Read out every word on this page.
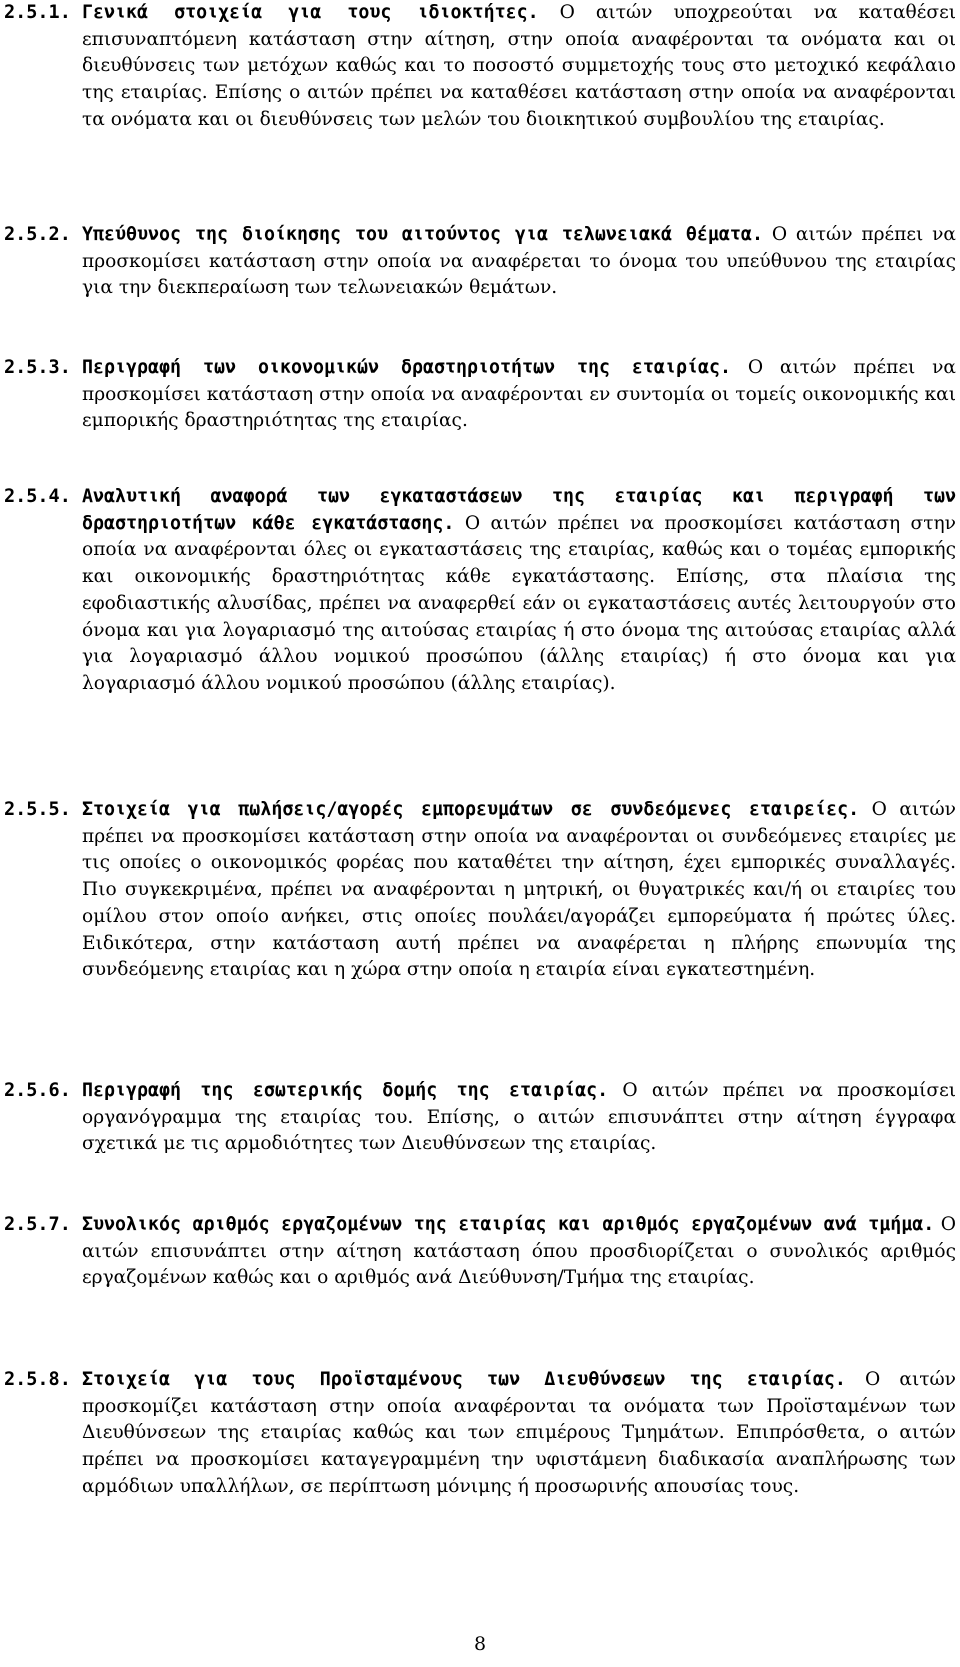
2.5.1. Γενικά στοιχεία για τους ιδιοκτήτες. Ο αιτών υποχρεούται να καταθέσει επισυναπτόμενη κατάσταση στην αίτηση, στην οποία αναφέρονται τα ονόματα και οι διευθύνσεις των μετόχων καθώς και το ποσοστό συμμετοχής τους στο μετοχικό κεφάλαιο της εταιρίας. Επίσης ο αιτών πρέπει να καταθέσει κατάσταση στην οποία να αναφέρονται τα ονόματα και οι διευθύνσεις των μελών του διοικητικού συμβουλίου της εταιρίας.
2.5.2. Υπεύθυνος της διοίκησης του αιτούντος για τελωνειακά θέματα. Ο αιτών πρέπει να προσκομίσει κατάσταση στην οποία να αναφέρεται το όνομα του υπεύθυνου της εταιρίας για την διεκπεραίωση των τελωνειακών θεμάτων.
2.5.3. Περιγραφή των οικονομικών δραστηριοτήτων της εταιρίας. Ο αιτών πρέπει να προσκομίσει κατάσταση στην οποία να αναφέρονται εν συντομία οι τομείς οικονομικής και εμπορικής δραστηριότητας της εταιρίας.
2.5.4. Αναλυτική αναφορά των εγκαταστάσεων της εταιρίας και περιγραφή των δραστηριοτήτων κάθε εγκατάστασης. Ο αιτών πρέπει να προσκομίσει κατάσταση στην οποία να αναφέρονται όλες οι εγκαταστάσεις της εταιρίας, καθώς και ο τομέας εμπορικής και οικονομικής δραστηριότητας κάθε εγκατάστασης. Επίσης, στα πλαίσια της εφοδιαστικής αλυσίδας, πρέπει να αναφερθεί εάν οι εγκαταστάσεις αυτές λειτουργούν στο όνομα και για λογαριασμό της αιτούσας εταιρίας ή στο όνομα της αιτούσας εταιρίας αλλά για λογαριασμό άλλου νομικού προσώπου (άλλης εταιρίας) ή στο όνομα και για λογαριασμό άλλου νομικού προσώπου (άλλης εταιρίας).
2.5.5. Στοιχεία για πωλήσεις/αγορές εμπορευμάτων σε συνδεόμενες εταιρείες. Ο αιτών πρέπει να προσκομίσει κατάσταση στην οποία να αναφέρονται οι συνδεόμενες εταιρίες με τις οποίες ο οικονομικός φορέας που καταθέτει την αίτηση, έχει εμπορικές συναλλαγές. Πιο συγκεκριμένα, πρέπει να αναφέρονται η μητρική, οι θυγατρικές και/ή οι εταιρίες του ομίλου στον οποίο ανήκει, στις οποίες πουλάει/αγοράζει εμπορεύματα ή πρώτες ύλες. Ειδικότερα, στην κατάσταση αυτή πρέπει να αναφέρεται η πλήρης επωνυμία της συνδεόμενης εταιρίας και η χώρα στην οποία η εταιρία είναι εγκατεστημένη.
2.5.6. Περιγραφή της εσωτερικής δομής της εταιρίας. Ο αιτών πρέπει να προσκομίσει οργανόγραμμα της εταιρίας του. Επίσης, ο αιτών επισυνάπτει στην αίτηση έγγραφα σχετικά με τις αρμοδιότητες των Διευθύνσεων της εταιρίας.
2.5.7. Συνολικός αριθμός εργαζομένων της εταιρίας και αριθμός εργαζομένων ανά τμήμα. Ο αιτών επισυνάπτει στην αίτηση κατάσταση όπου προσδιορίζεται ο συνολικός αριθμός εργαζομένων καθώς και ο αριθμός ανά Διεύθυνση/Τμήμα της εταιρίας.
2.5.8. Στοιχεία για τους Προϊσταμένους των Διευθύνσεων της εταιρίας. Ο αιτών προσκομίζει κατάσταση στην οποία αναφέρονται τα ονόματα των Προϊσταμένων των Διευθύνσεων της εταιρίας καθώς και των επιμέρους Τμημάτων. Επιπρόσθετα, ο αιτών πρέπει να προσκομίσει καταγεγραμμένη την υφιστάμενη διαδικασία αναπλήρωσης των αρμόδιων υπαλλήλων, σε περίπτωση μόνιμης ή προσωρινής απουσίας τους.
8
